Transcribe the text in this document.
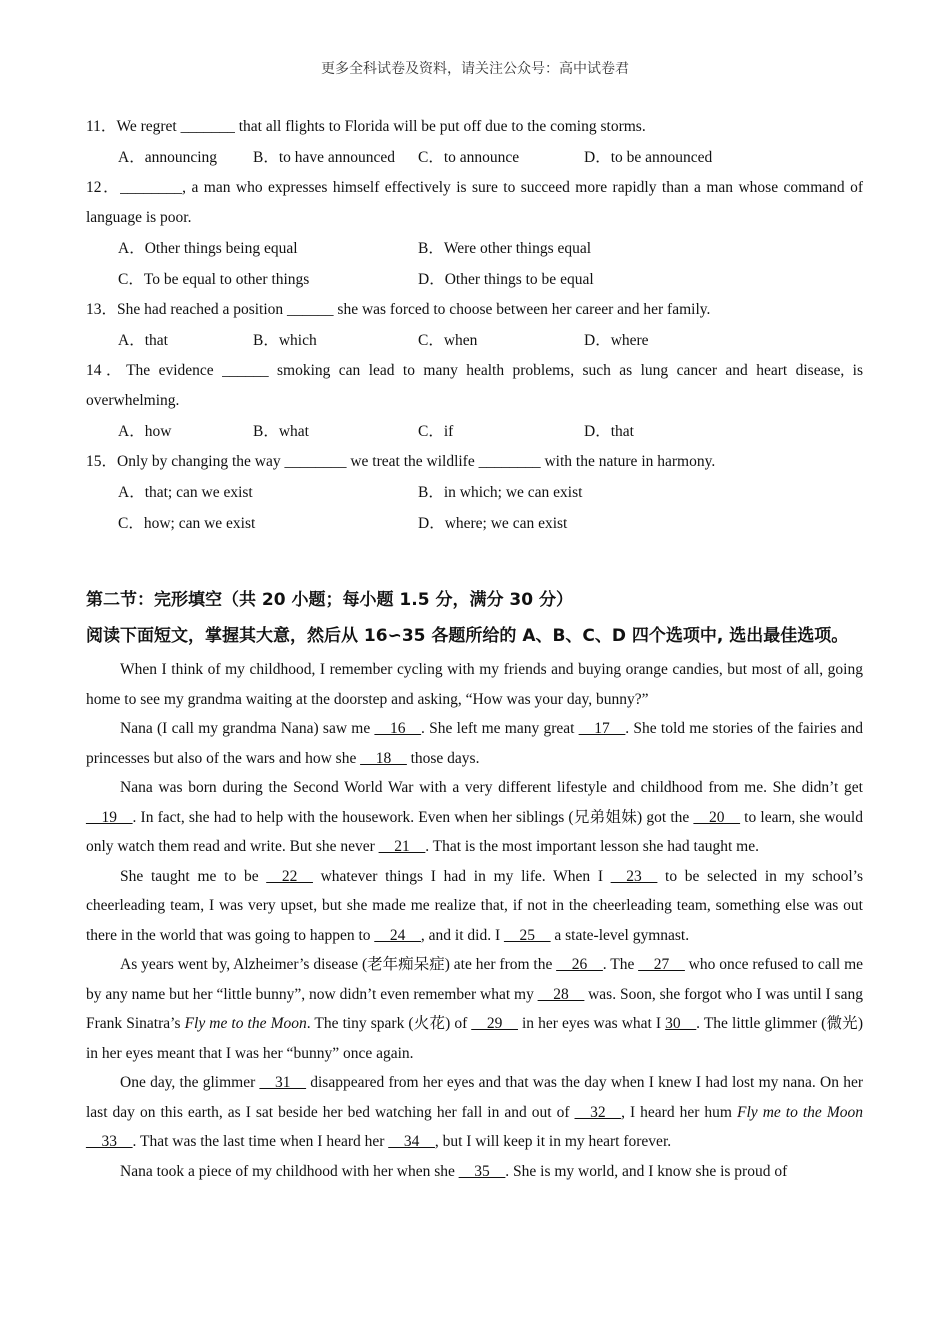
更多全科试卷及资料，请关注公众号：高中试卷君

11．We regret _______ that all flights to Florida will be put off due to the coming storms.

A．announcing	B．to have announced	C．to announce	D．to be announced

12．________, a man who expresses himself effectively is sure to succeed more rapidly than a man whose command of language is poor.

A．Other things being equal	B．Were other things equal
C．To be equal to other things	D．Other things to be equal

13．She had reached a position ______ she was forced to choose between her career and her family.

A．that	B．which	C．when	D．where

14．The evidence ______ smoking can lead to many health problems, such as lung cancer and heart disease, is overwhelming.

A．how	B．what	C．if	D．that

15．Only by changing the way ________ we treat the wildlife ________ with the nature in harmony.

A．that; can we exist	B．in which; we can exist
C．how; can we exist	D．where; we can exist
第二节：完形填空（共 20 小题；每小题 1.5 分，满分 30 分）
阅读下面短文，掌握其大意，然后从 16∽35 各题所给的 A、B、C、D 四个选项中, 选出最佳选项。

When I think of my childhood, I remember cycling with my friends and buying orange candies, but most of all, going home to see my grandma waiting at the doorstep and asking, “How was your day, bunny?”

Nana (I call my grandma Nana) saw me __16__. She left me many great __17__. She told me stories of the fairies and princesses but also of the wars and how she __18__ those days.

Nana was born during the Second World War with a very different lifestyle and childhood from me. She didn’t get __19__. In fact, she had to help with the housework. Even when her siblings (兄弟姐妹) got the __20__ to learn, she would only watch them read and write. But she never __21__. That is the most important lesson she had taught me.

She taught me to be __22__ whatever things I had in my life. When I __23__ to be selected in my school’s cheerleading team, I was very upset, but she made me realize that, if not in the cheerleading team, something else was out there in the world that was going to happen to __24__, and it did. I __25__ a state-level gymnast.

As years went by, Alzheimer’s disease (老年痴呆症) ate her from the __26__. The __27__ who once refused to call me by any name but her “little bunny”, now didn’t even remember what my __28__ was. Soon, she forgot who I was until I sang Frank Sinatra’s Fly me to the Moon. The tiny spark (火花) of __29__ in her eyes was what I 30__. The little glimmer (微光) in her eyes meant that I was her “bunny” once again.

One day, the glimmer __31__ disappeared from her eyes and that was the day when I knew I had lost my nana. On her last day on this earth, as I sat beside her bed watching her fall in and out of __32__, I heard her hum Fly me to the Moon __33__. That was the last time when I heard her __34__, but I will keep it in my heart forever.

Nana took a piece of my childhood with her when she __35__. She is my world, and I know she is proud of
